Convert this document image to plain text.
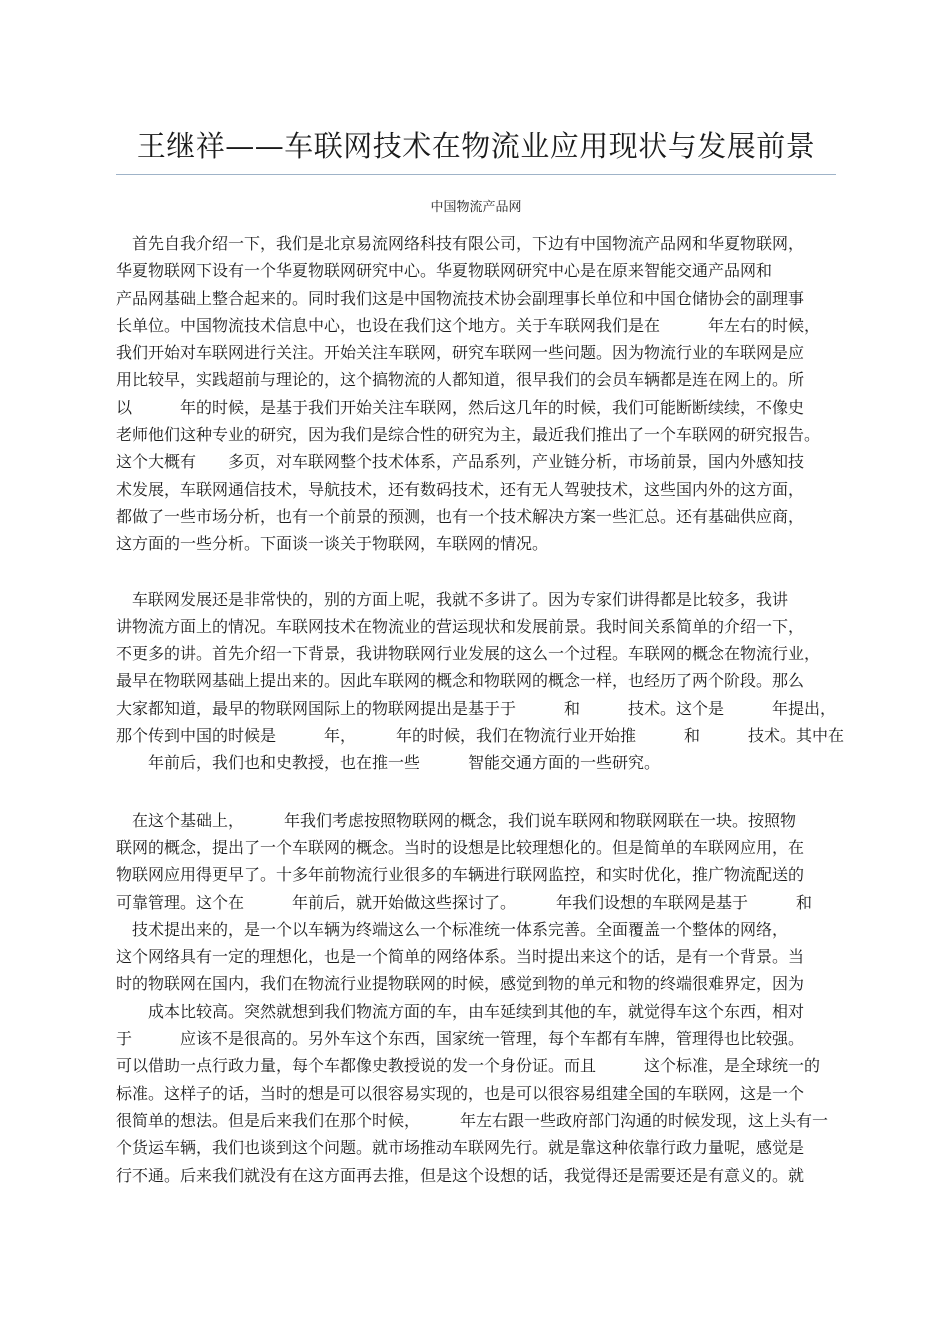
王继祥——车联网技术在物流业应用现状与发展前景
中国物流产品网

　首先自我介绍一下，我们是北京易流网络科技有限公司，下边有中国物流产品网和华夏物联网，
华夏物联网下设有一个华夏物联网研究中心。华夏物联网研究中心是在原来智能交通产品网和
产品网基础上整合起来的。同时我们这是中国物流技术协会副理事长单位和中国仓储协会的副理事
长单位。中国物流技术信息中心，也设在我们这个地方。关于车联网我们是在　　　年左右的时候，
我们开始对车联网进行关注。开始关注车联网，研究车联网一些问题。因为物流行业的车联网是应
用比较早，实践超前与理论的，这个搞物流的人都知道，很早我们的会员车辆都是连在网上的。所
以　　　年的时候，是基于我们开始关注车联网，然后这几年的时候，我们可能断断续续，不像史
老师他们这种专业的研究，因为我们是综合性的研究为主，最近我们推出了一个车联网的研究报告。
这个大概有　　多页，对车联网整个技术体系，产品系列，产业链分析，市场前景，国内外感知技
术发展，车联网通信技术，导航技术，还有数码技术，还有无人驾驶技术，这些国内外的这方面，
都做了一些市场分析，也有一个前景的预测，也有一个技术解决方案一些汇总。还有基础供应商，
这方面的一些分析。下面谈一谈关于物联网，车联网的情况。

　车联网发展还是非常快的，别的方面上呢，我就不多讲了。因为专家们讲得都是比较多，我讲
讲物流方面上的情况。车联网技术在物流业的营运现状和发展前景。我时间关系简单的介绍一下，
不更多的讲。首先介绍一下背景，我讲物联网行业发展的这么一个过程。车联网的概念在物流行业，
最早在物联网基础上提出来的。因此车联网的概念和物联网的概念一样，也经历了两个阶段。那么
大家都知道，最早的物联网国际上的物联网提出是基于于　　　和　　　技术。这个是　　　年提出，
那个传到中国的时候是　　　年，　　　年的时候，我们在物流行业开始推　　　和　　　技术。其中在
　　年前后，我们也和史教授，也在推一些　　　智能交通方面的一些研究。

　在这个基础上，　　　年我们考虑按照物联网的概念，我们说车联网和物联网联在一块。按照物
联网的概念，提出了一个车联网的概念。当时的设想是比较理想化的。但是简单的车联网应用，在
物联网应用得更早了。十多年前物流行业很多的车辆进行联网监控，和实时优化，推广物流配送的
可靠管理。这个在　　　年前后，就开始做这些探讨了。　　　年我们设想的车联网是基于　　　和
　技术提出来的，是一个以车辆为终端这么一个标准统一体系完善。全面覆盖一个整体的网络，
这个网络具有一定的理想化，也是一个简单的网络体系。当时提出来这个的话，是有一个背景。当
时的物联网在国内，我们在物流行业提物联网的时候，感觉到物的单元和物的终端很难界定，因为
　　成本比较高。突然就想到我们物流方面的车，由车延续到其他的车，就觉得车这个东西，相对
于　　　应该不是很高的。另外车这个东西，国家统一管理，每个车都有车牌，管理得也比较强。
可以借助一点行政力量，每个车都像史教授说的发一个身份证。而且　　　这个标准，是全球统一的
标准。这样子的话，当时的想是可以很容易实现的，也是可以很容易组建全国的车联网，这是一个
很简单的想法。但是后来我们在那个时候，　　　年左右跟一些政府部门沟通的时候发现，这上头有一
个货运车辆，我们也谈到这个问题。就市场推动车联网先行。就是靠这种依靠行政力量呢，感觉是
行不通。后来我们就没有在这方面再去推，但是这个设想的话，我觉得还是需要还是有意义的。就
